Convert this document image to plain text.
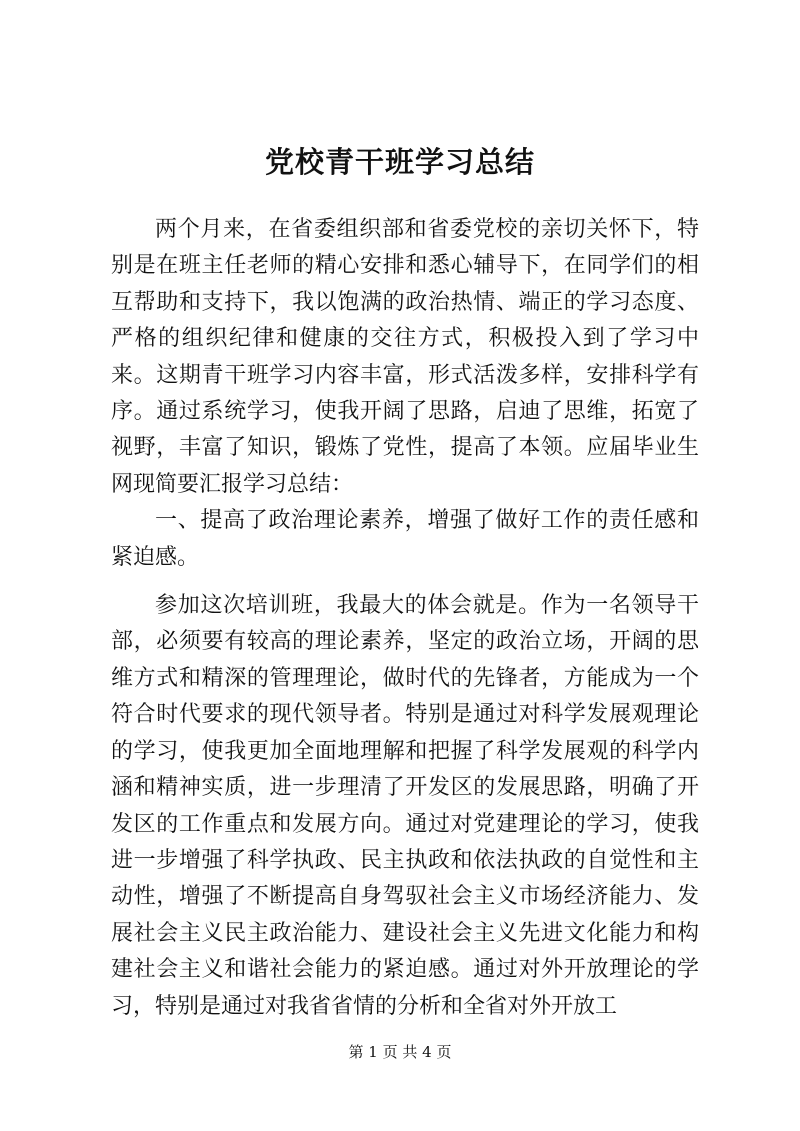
党校青干班学习总结

两个月来，在省委组织部和省委党校的亲切关怀下，特别是在班主任老师的精心安排和悉心辅导下，在同学们的相互帮助和支持下，我以饱满的政治热情、端正的学习态度、严格的组织纪律和健康的交往方式，积极投入到了学习中来。这期青干班学习内容丰富，形式活泼多样，安排科学有序。通过系统学习，使我开阔了思路，启迪了思维，拓宽了视野，丰富了知识，锻炼了党性，提高了本领。应届毕业生网现简要汇报学习总结：

一、提高了政治理论素养，增强了做好工作的责任感和紧迫感。

参加这次培训班，我最大的体会就是。作为一名领导干部，必须要有较高的理论素养，坚定的政治立场，开阔的思维方式和精深的管理理论，做时代的先锋者，方能成为一个符合时代要求的现代领导者。特别是通过对科学发展观理论的学习，使我更加全面地理解和把握了科学发展观的科学内涵和精神实质，进一步理清了开发区的发展思路，明确了开发区的工作重点和发展方向。通过对党建理论的学习，使我进一步增强了科学执政、民主执政和依法执政的自觉性和主动性，增强了不断提高自身驾驭社会主义市场经济能力、发展社会主义民主政治能力、建设社会主义先进文化能力和构建社会主义和谐社会能力的紧迫感。通过对外开放理论的学习，特别是通过对我省省情的分析和全省对外开放工

第 1 页 共 4 页
